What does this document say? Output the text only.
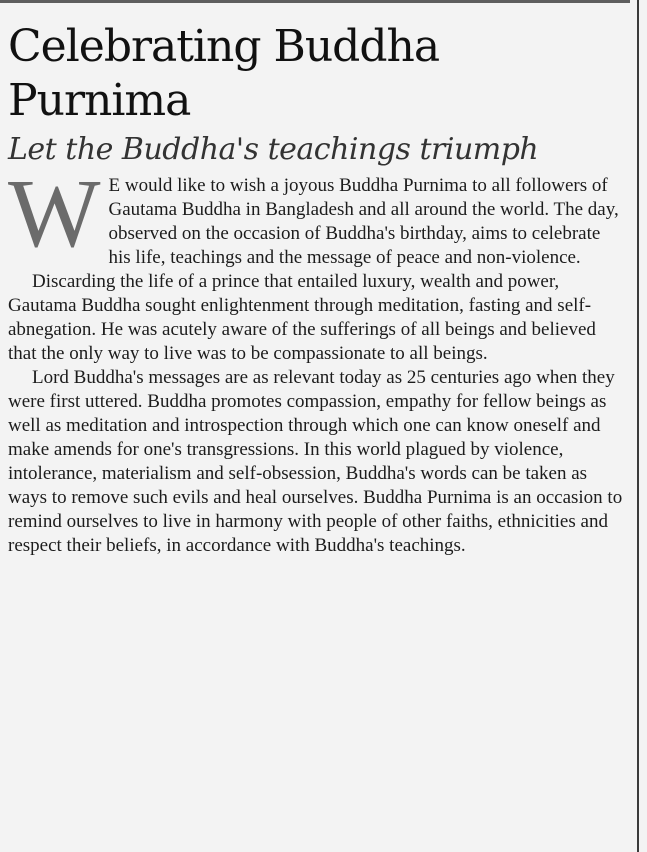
Celebrating Buddha Purnima
Let the Buddha's teachings triumph

W E would like to wish a joyous Buddha Purnima to all followers of Gautama Buddha in Bangladesh and all around the world. The day, observed on the occasion of Buddha's birthday, aims to celebrate his life, teachings and the message of peace and non-violence.

Discarding the life of a prince that entailed luxury, wealth and power, Gautama Buddha sought enlightenment through meditation, fasting and self-abnegation. He was acutely aware of the sufferings of all beings and believed that the only way to live was to be compassionate to all beings.

Lord Buddha's messages are as relevant today as 25 centuries ago when they were first uttered. Buddha promotes compassion, empathy for fellow beings as well as meditation and introspection through which one can know oneself and make amends for one's transgressions. In this world plagued by violence, intolerance, materialism and self-obsession, Buddha's words can be taken as ways to remove such evils and heal ourselves. Buddha Purnima is an occasion to remind ourselves to live in harmony with people of other faiths, ethnicities and respect their beliefs, in accordance with Buddha's teachings.
